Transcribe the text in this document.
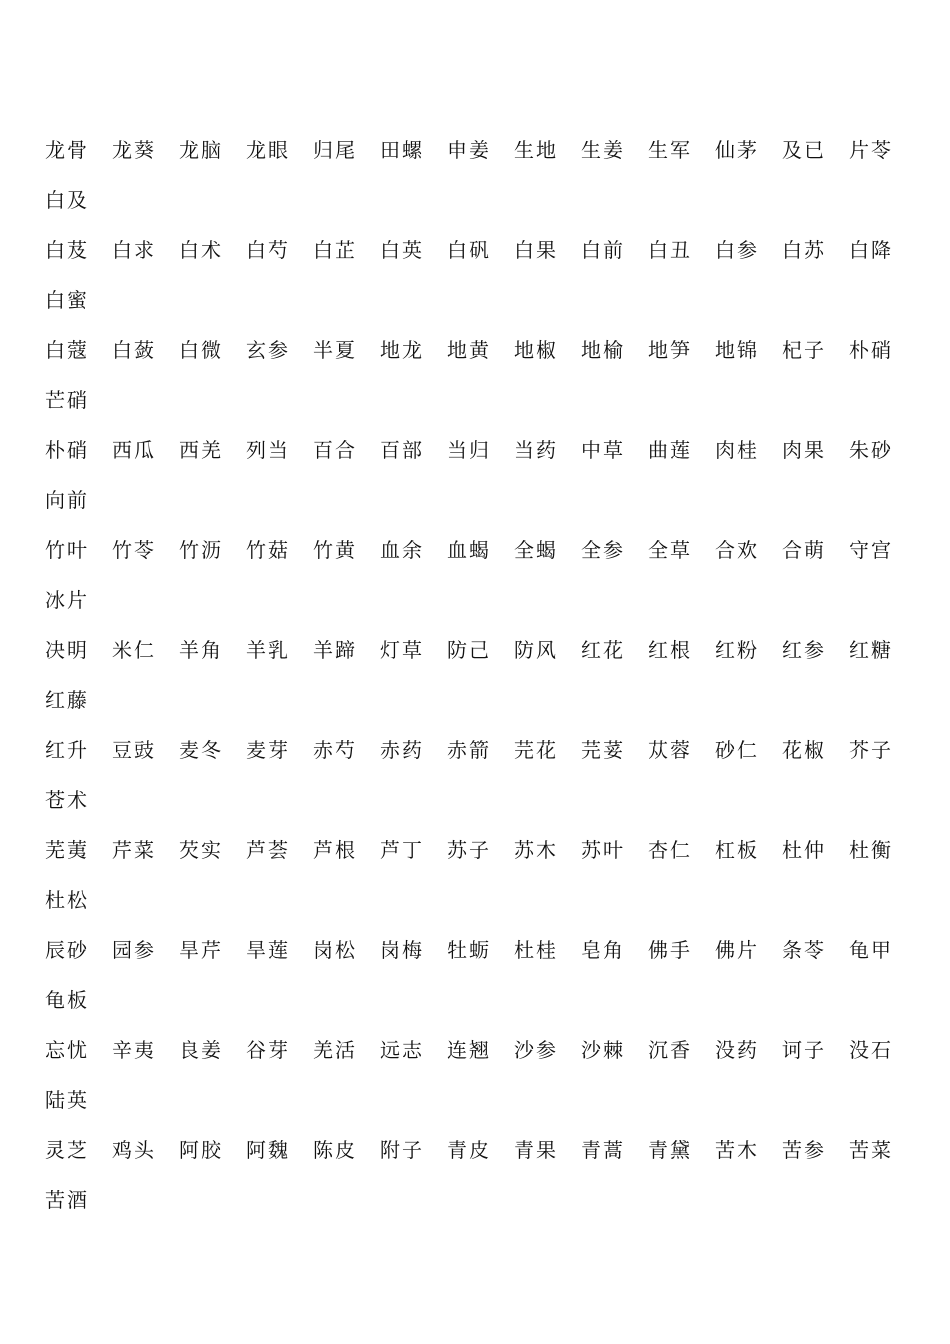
龙骨	龙葵	龙脑	龙眼	归尾	田螺	申姜	生地	生姜	生军	仙茅	及已	片苓
白及
白芨	白求	白术	白芍	白芷	白英	白矾	白果	白前	白丑	白参	白苏	白降
白蜜
白蔻	白蔹	白微	玄参	半夏	地龙	地黄	地椒	地榆	地笋	地锦	杞子	朴硝
芒硝
朴硝	西瓜	西羌	列当	百合	百部	当归	当药	中草	曲莲	肉桂	肉果	朱砂
向前
竹叶	竹苓	竹沥	竹菇	竹黄	血余	血蝎	全蝎	全参	全草	合欢	合萌	守宫
冰片
决明	米仁	羊角	羊乳	羊蹄	灯草	防己	防风	红花	红根	红粉	红参	红糖
红藤
红升	豆豉	麦冬	麦芽	赤芍	赤药	赤箭	芫花	芫荽	苁蓉	砂仁	花椒	芥子
苍术
芜荑	芹菜	芡实	芦荟	芦根	芦丁	苏子	苏木	苏叶	杏仁	杠板	杜仲	杜衡
杜松
辰砂	园参	旱芹	旱莲	岗松	岗梅	牡蛎	杜桂	皂角	佛手	佛片	条苓	龟甲
龟板
忘忧	辛夷	良姜	谷芽	羌活	远志	连翘	沙参	沙棘	沉香	没药	诃子	没石
陆英
灵芝	鸡头	阿胶	阿魏	陈皮	附子	青皮	青果	青蒿	青黛	苦木	苦参	苦菜
苦酒
